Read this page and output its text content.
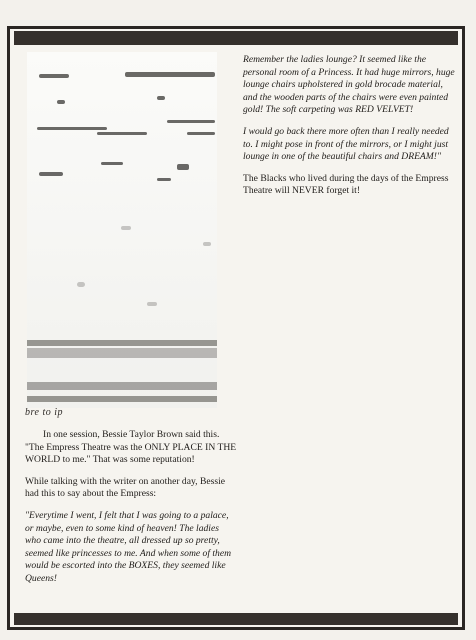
bre to ip

In one session, Bessie Taylor Brown said this. "The Empress Theatre was the ONLY PLACE IN THE WORLD to me." That was some reputation!

While talking with the writer on another day, Bessie had this to say about the Empress:

"Everytime I went, I felt that I was going to a palace, or maybe, even to some kind of heaven! The ladies who came into the theatre, all dressed up so pretty, seemed like princesses to me. And when some of them would be escorted into the BOXES, they seemed like Queens!

Remember the ladies lounge? It seemed like the personal room of a Princess. It had huge mirrors, huge lounge chairs upholstered in gold brocade material, and the wooden parts of the chairs were even painted gold! The soft carpeting was RED VELVET!

I would go back there more often than I really needed to. I might pose in front of the mirrors, or I might just lounge in one of the beautiful chairs and DREAM!"

The Blacks who lived during the days of the Empress Theatre will NEVER forget it!
